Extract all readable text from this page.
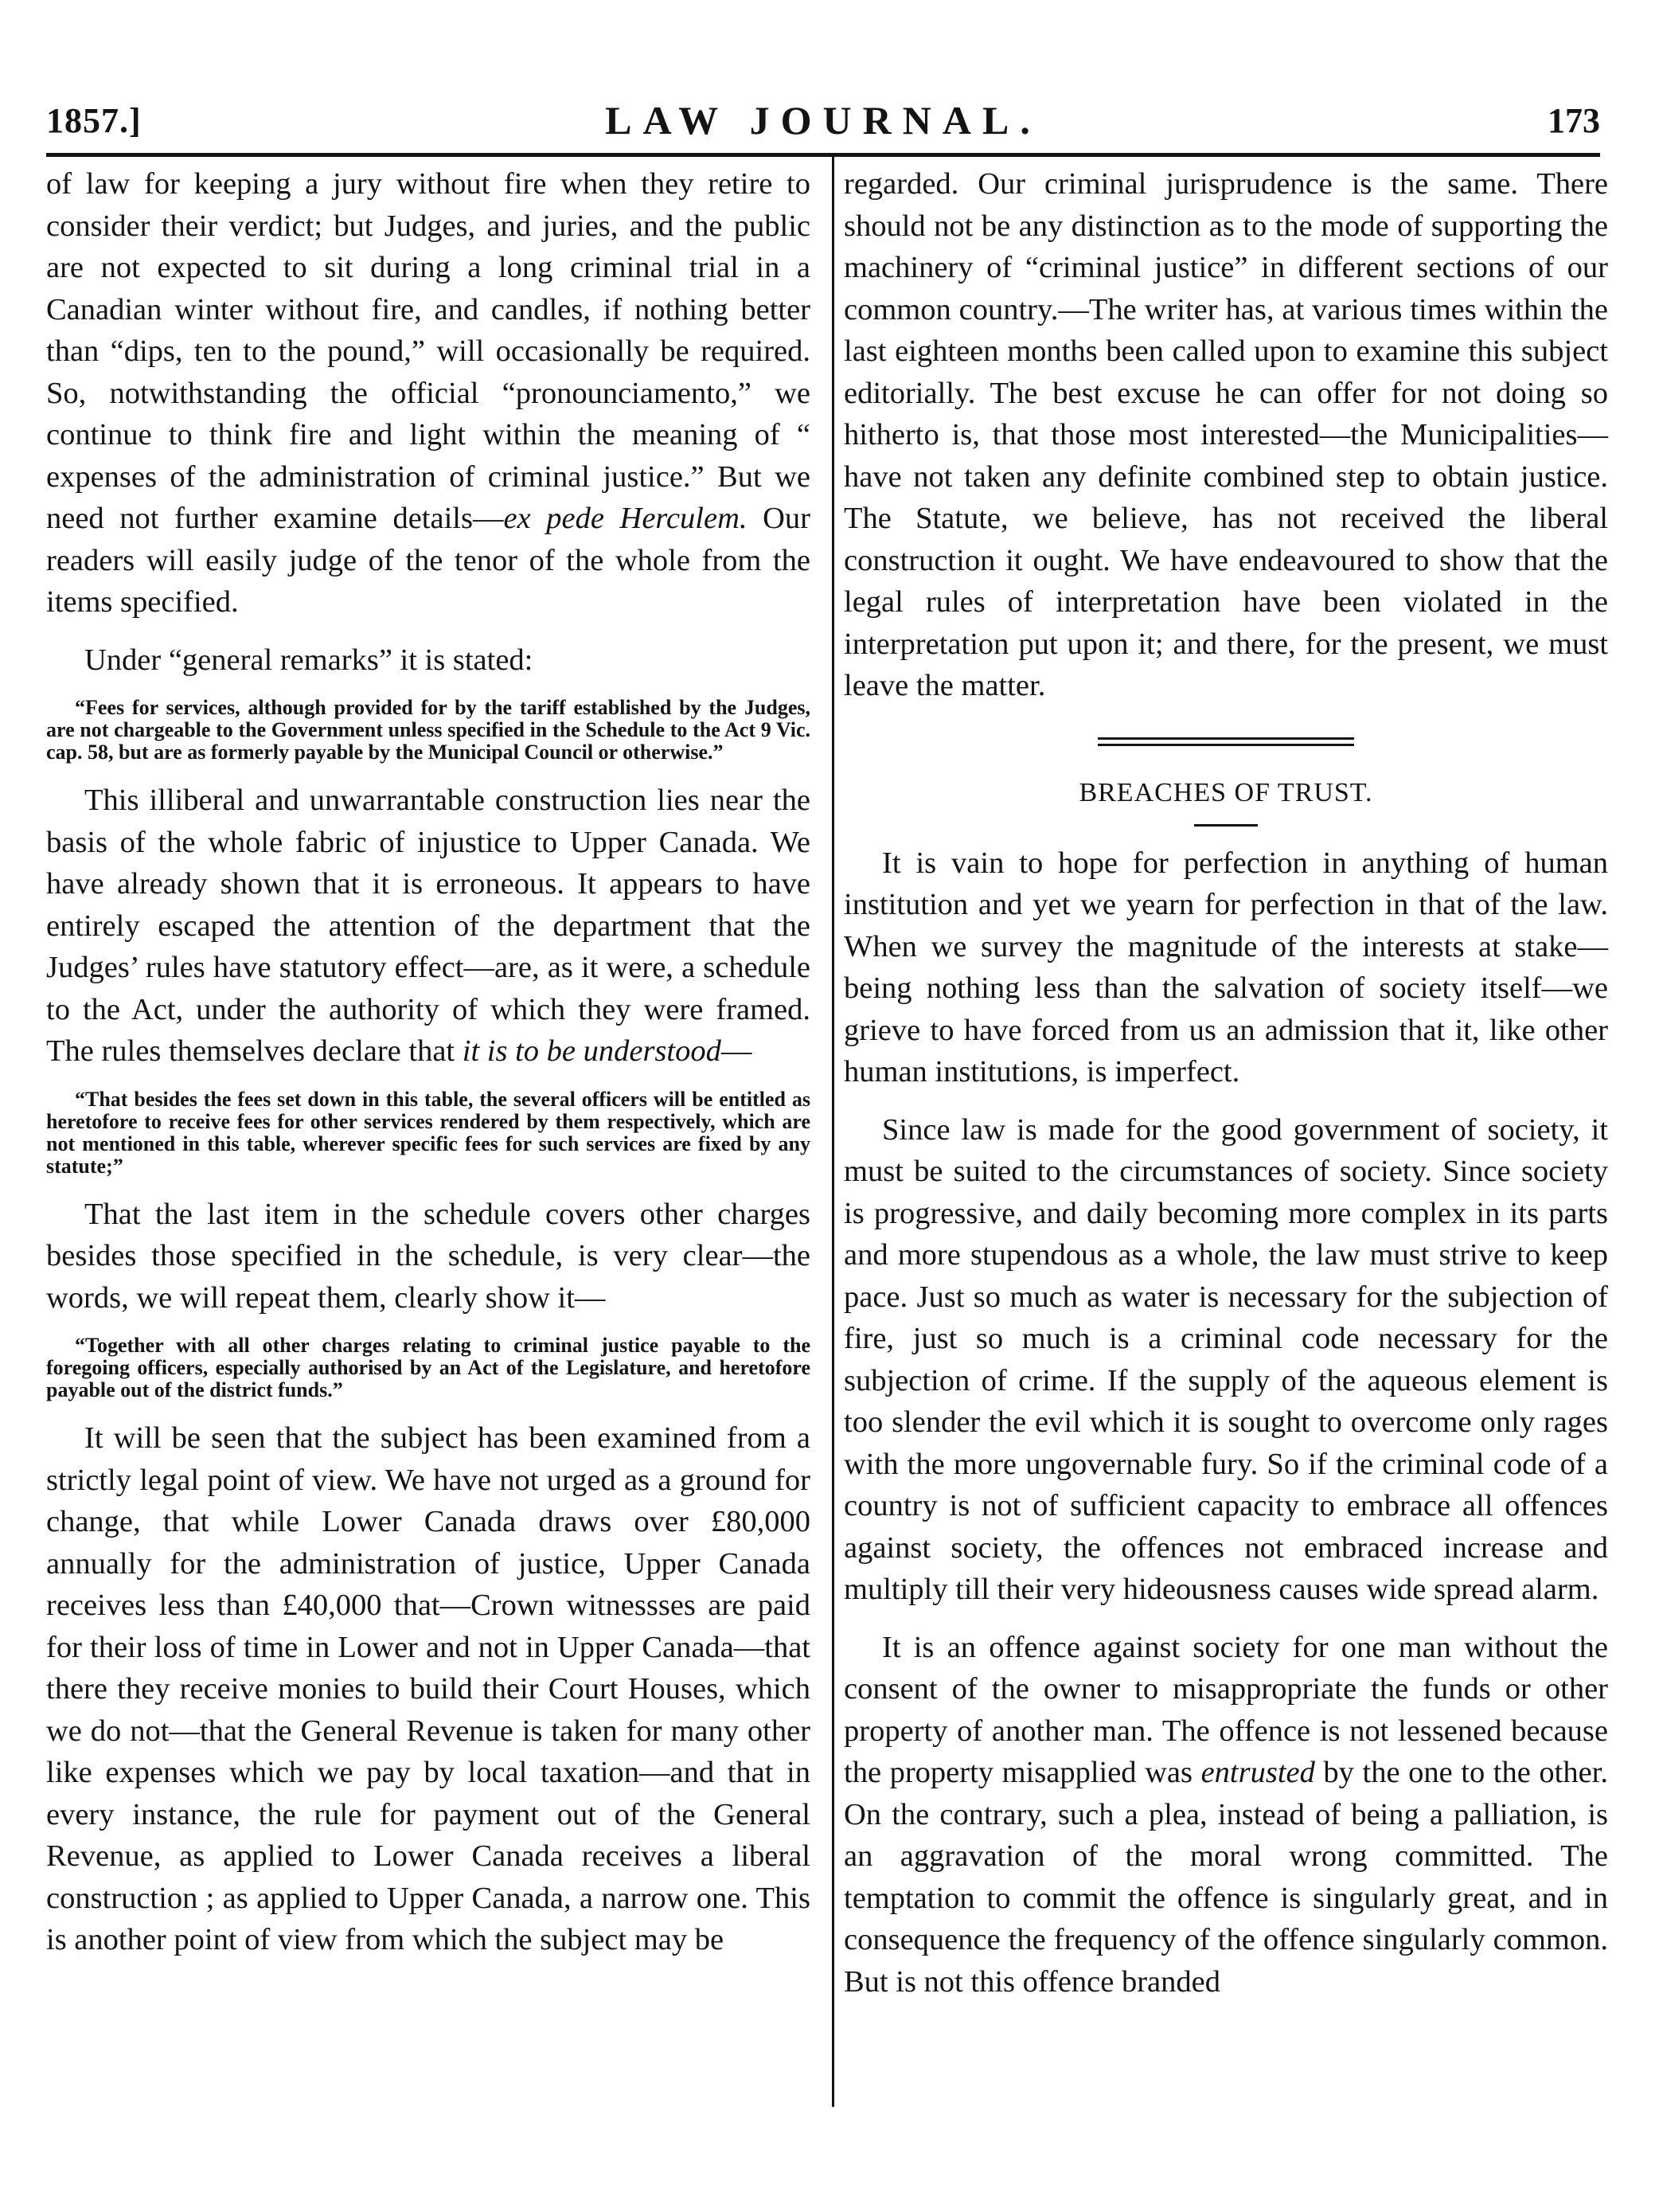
1857.]	LAW JOURNAL.	173

of law for keeping a jury without fire when they retire to consider their verdict; but Judges, and juries, and the public are not expected to sit during a long criminal trial in a Canadian winter without fire, and candles, if nothing better than “dips, ten to the pound,” will occasionally be required. So, notwithstanding the official “pronounciamento,” we continue to think fire and light within the meaning of “ expenses of the administration of criminal justice.” But we need not further examine details—ex pede Herculem. Our readers will easily judge of the tenor of the whole from the items specified.

Under “general remarks” it is stated:

“Fees for services, although provided for by the tariff established by the Judges, are not chargeable to the Government unless specified in the Schedule to the Act 9 Vic. cap. 58, but are as formerly payable by the Municipal Council or otherwise.”

This illiberal and unwarrantable construction lies near the basis of the whole fabric of injustice to Upper Canada. We have already shown that it is erroneous. It appears to have entirely escaped the attention of the department that the Judges’ rules have statutory effect—are, as it were, a schedule to the Act, under the authority of which they were framed. The rules themselves declare that it is to be understood—

“That besides the fees set down in this table, the several officers will be entitled as heretofore to receive fees for other services rendered by them respectively, which are not mentioned in this table, wherever specific fees for such services are fixed by any statute;”

That the last item in the schedule covers other charges besides those specified in the schedule, is very clear—the words, we will repeat them, clearly show it—

“Together with all other charges relating to criminal justice payable to the foregoing officers, especially authorised by an Act of the Legislature, and heretofore payable out of the district funds.”

It will be seen that the subject has been examined from a strictly legal point of view. We have not urged as a ground for change, that while Lower Canada draws over £80,000 annually for the administration of justice, Upper Canada receives less than £40,000 that—Crown witnessses are paid for their loss of time in Lower and not in Upper Canada—that there they receive monies to build their Court Houses, which we do not—that the General Revenue is taken for many other like expenses which we pay by local taxation—and that in every instance, the rule for payment out of the General Revenue, as applied to Lower Canada receives a liberal construction ; as applied to Upper Canada, a narrow one. This is another point of view from which the subject may be

regarded. Our criminal jurisprudence is the same. There should not be any distinction as to the mode of supporting the machinery of “criminal justice” in different sections of our common country.—The writer has, at various times within the last eighteen months been called upon to examine this subject editorially. The best excuse he can offer for not doing so hitherto is, that those most interested—the Municipalities—have not taken any definite combined step to obtain justice. The Statute, we believe, has not received the liberal construction it ought. We have endeavoured to show that the legal rules of interpretation have been violated in the interpretation put upon it; and there, for the present, we must leave the matter.

BREACHES OF TRUST.

It is vain to hope for perfection in anything of human institution and yet we yearn for perfection in that of the law. When we survey the magnitude of the interests at stake—being nothing less than the salvation of society itself—we grieve to have forced from us an admission that it, like other human institutions, is imperfect.

Since law is made for the good government of society, it must be suited to the circumstances of society. Since society is progressive, and daily becoming more complex in its parts and more stupendous as a whole, the law must strive to keep pace. Just so much as water is necessary for the subjection of fire, just so much is a criminal code necessary for the subjection of crime. If the supply of the aqueous element is too slender the evil which it is sought to overcome only rages with the more ungovernable fury. So if the criminal code of a country is not of sufficient capacity to embrace all offences against society, the offences not embraced increase and multiply till their very hideousness causes wide spread alarm.

It is an offence against society for one man without the consent of the owner to misappropriate the funds or other property of another man. The offence is not lessened because the property misapplied was entrusted by the one to the other. On the contrary, such a plea, instead of being a palliation, is an aggravation of the moral wrong committed. The temptation to commit the offence is singularly great, and in consequence the frequency of the offence singularly common. But is not this offence branded
